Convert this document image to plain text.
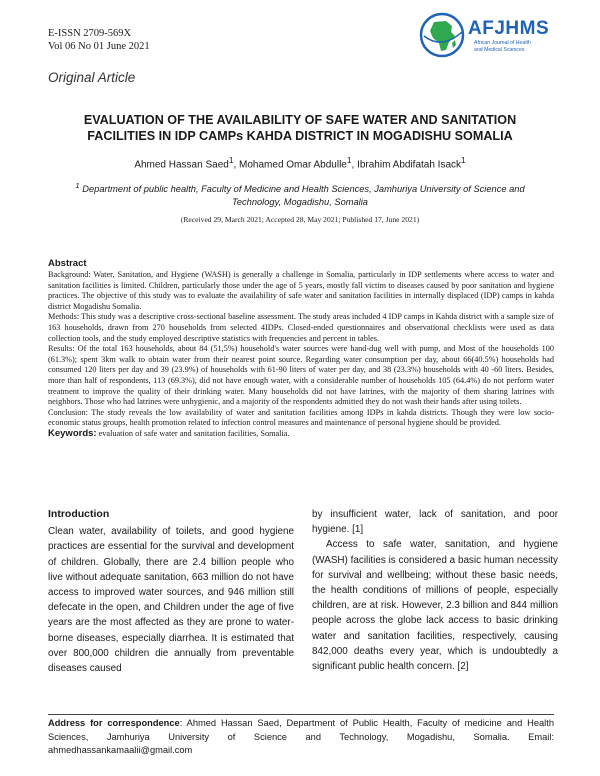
E-ISSN 2709-569X
Vol 06 No 01 June 2021
AFJHMS
African Journal of Health
and Medical Sciences
Original Article
EVALUATION OF THE AVAILABILITY OF SAFE WATER AND SANITATION
FACILITIES IN IDP CAMPs KAHDA DISTRICT IN MOGADISHU SOMALIA
Ahmed Hassan Saed$^1$, Mohamed Omar Abdulle$^1$, Ibrahim Abdifatah Isack$^1$
$^1$ Department of public health, Faculty of Medicine and Health Sciences, Jamhuriya University of Science and Technology, Mogadishu, Somalia
(Received 29, March 2021; Accepted 28, May 2021; Published 17, June 2021)

Abstract

Background: Water, Sanitation, and Hygiene (WASH) is generally a challenge in Somalia, particularly in IDP settlements where access to water and sanitation facilities is limited. Children, particularly those under the age of 5 years, mostly fall victim to diseases caused by poor sanitation and hygiene practices. The objective of this study was to evaluate the availability of safe water and sanitation facilities in internally displaced (IDP) camps in kahda district Mogadishu Somalia.

Methods: This study was a descriptive cross-sectional baseline assessment. The study areas included 4 IDP camps in Kahda district with a sample size of 163 households, drawn from 270 households from selected 4IDPs. Closed-ended questionnaires and observational checklists were used as data collection tools, and the study employed descriptive statistics with frequencies and percent in tables.

Results: Of the total 163 households, about 84 (51,5%) household's water sources were hand-dug well with pump, and Most of the households 100 (61.3%); spent 3km walk to obtain water from their nearest point source. Regarding water consumption per day, about 66(40.5%) households had consumed 120 liters per day and 39 (23.9%) of households with 61-90 liters of water per day, and 38 (23.3%) households with 40 -60 liters. Besides, more than half of respondents, 113 (69.3%), did not have enough water, with a considerable number of households 105 (64.4%) do not perform water treatment to improve the quality of their drinking water. Many households did not have latrines, with the majority of them sharing latrines with neighbors. Those who had latrines were unhygienic, and a majority of the respondents admitted they do not wash their hands after using toilets.

Conclusion: The study reveals the low availability of water and sanitation facilities among IDPs in kahda districts. Though they were low socio-economic status groups, health promotion related to infection control measures and maintenance of personal hygiene should be provided.

Keywords: evaluation of safe water and sanitation facilities, Somalia.

Introduction

Clean water, availability of toilets, and good hygiene practices are essential for the survival and development of children. Globally, there are 2.4 billion people who live without adequate sanitation, 663 million do not have access to improved water sources, and 946 million still defecate in the open, and Children under the age of five years are the most affected as they are prone to water-borne diseases, especially diarrhea. It is estimated that over 800,000 children die annually from preventable diseases caused

by insufficient water, lack of sanitation, and poor hygiene. [1]

Access to safe water, sanitation, and hygiene (WASH) facilities is considered a basic human necessity for survival and wellbeing; without these basic needs, the health conditions of millions of people, especially children, are at risk. However, 2.3 billion and 844 million people across the globe lack access to basic drinking water and sanitation facilities, respectively, causing 842,000 deaths every year, which is undoubtedly a significant public health concern. [2]

Address for correspondence: Ahmed Hassan Saed, Department of Public Health, Faculty of medicine and Health Sciences, Jamhuriya University of Science and Technology, Mogadishu, Somalia. Email: ahmedhassankamaalii@gmail.com
